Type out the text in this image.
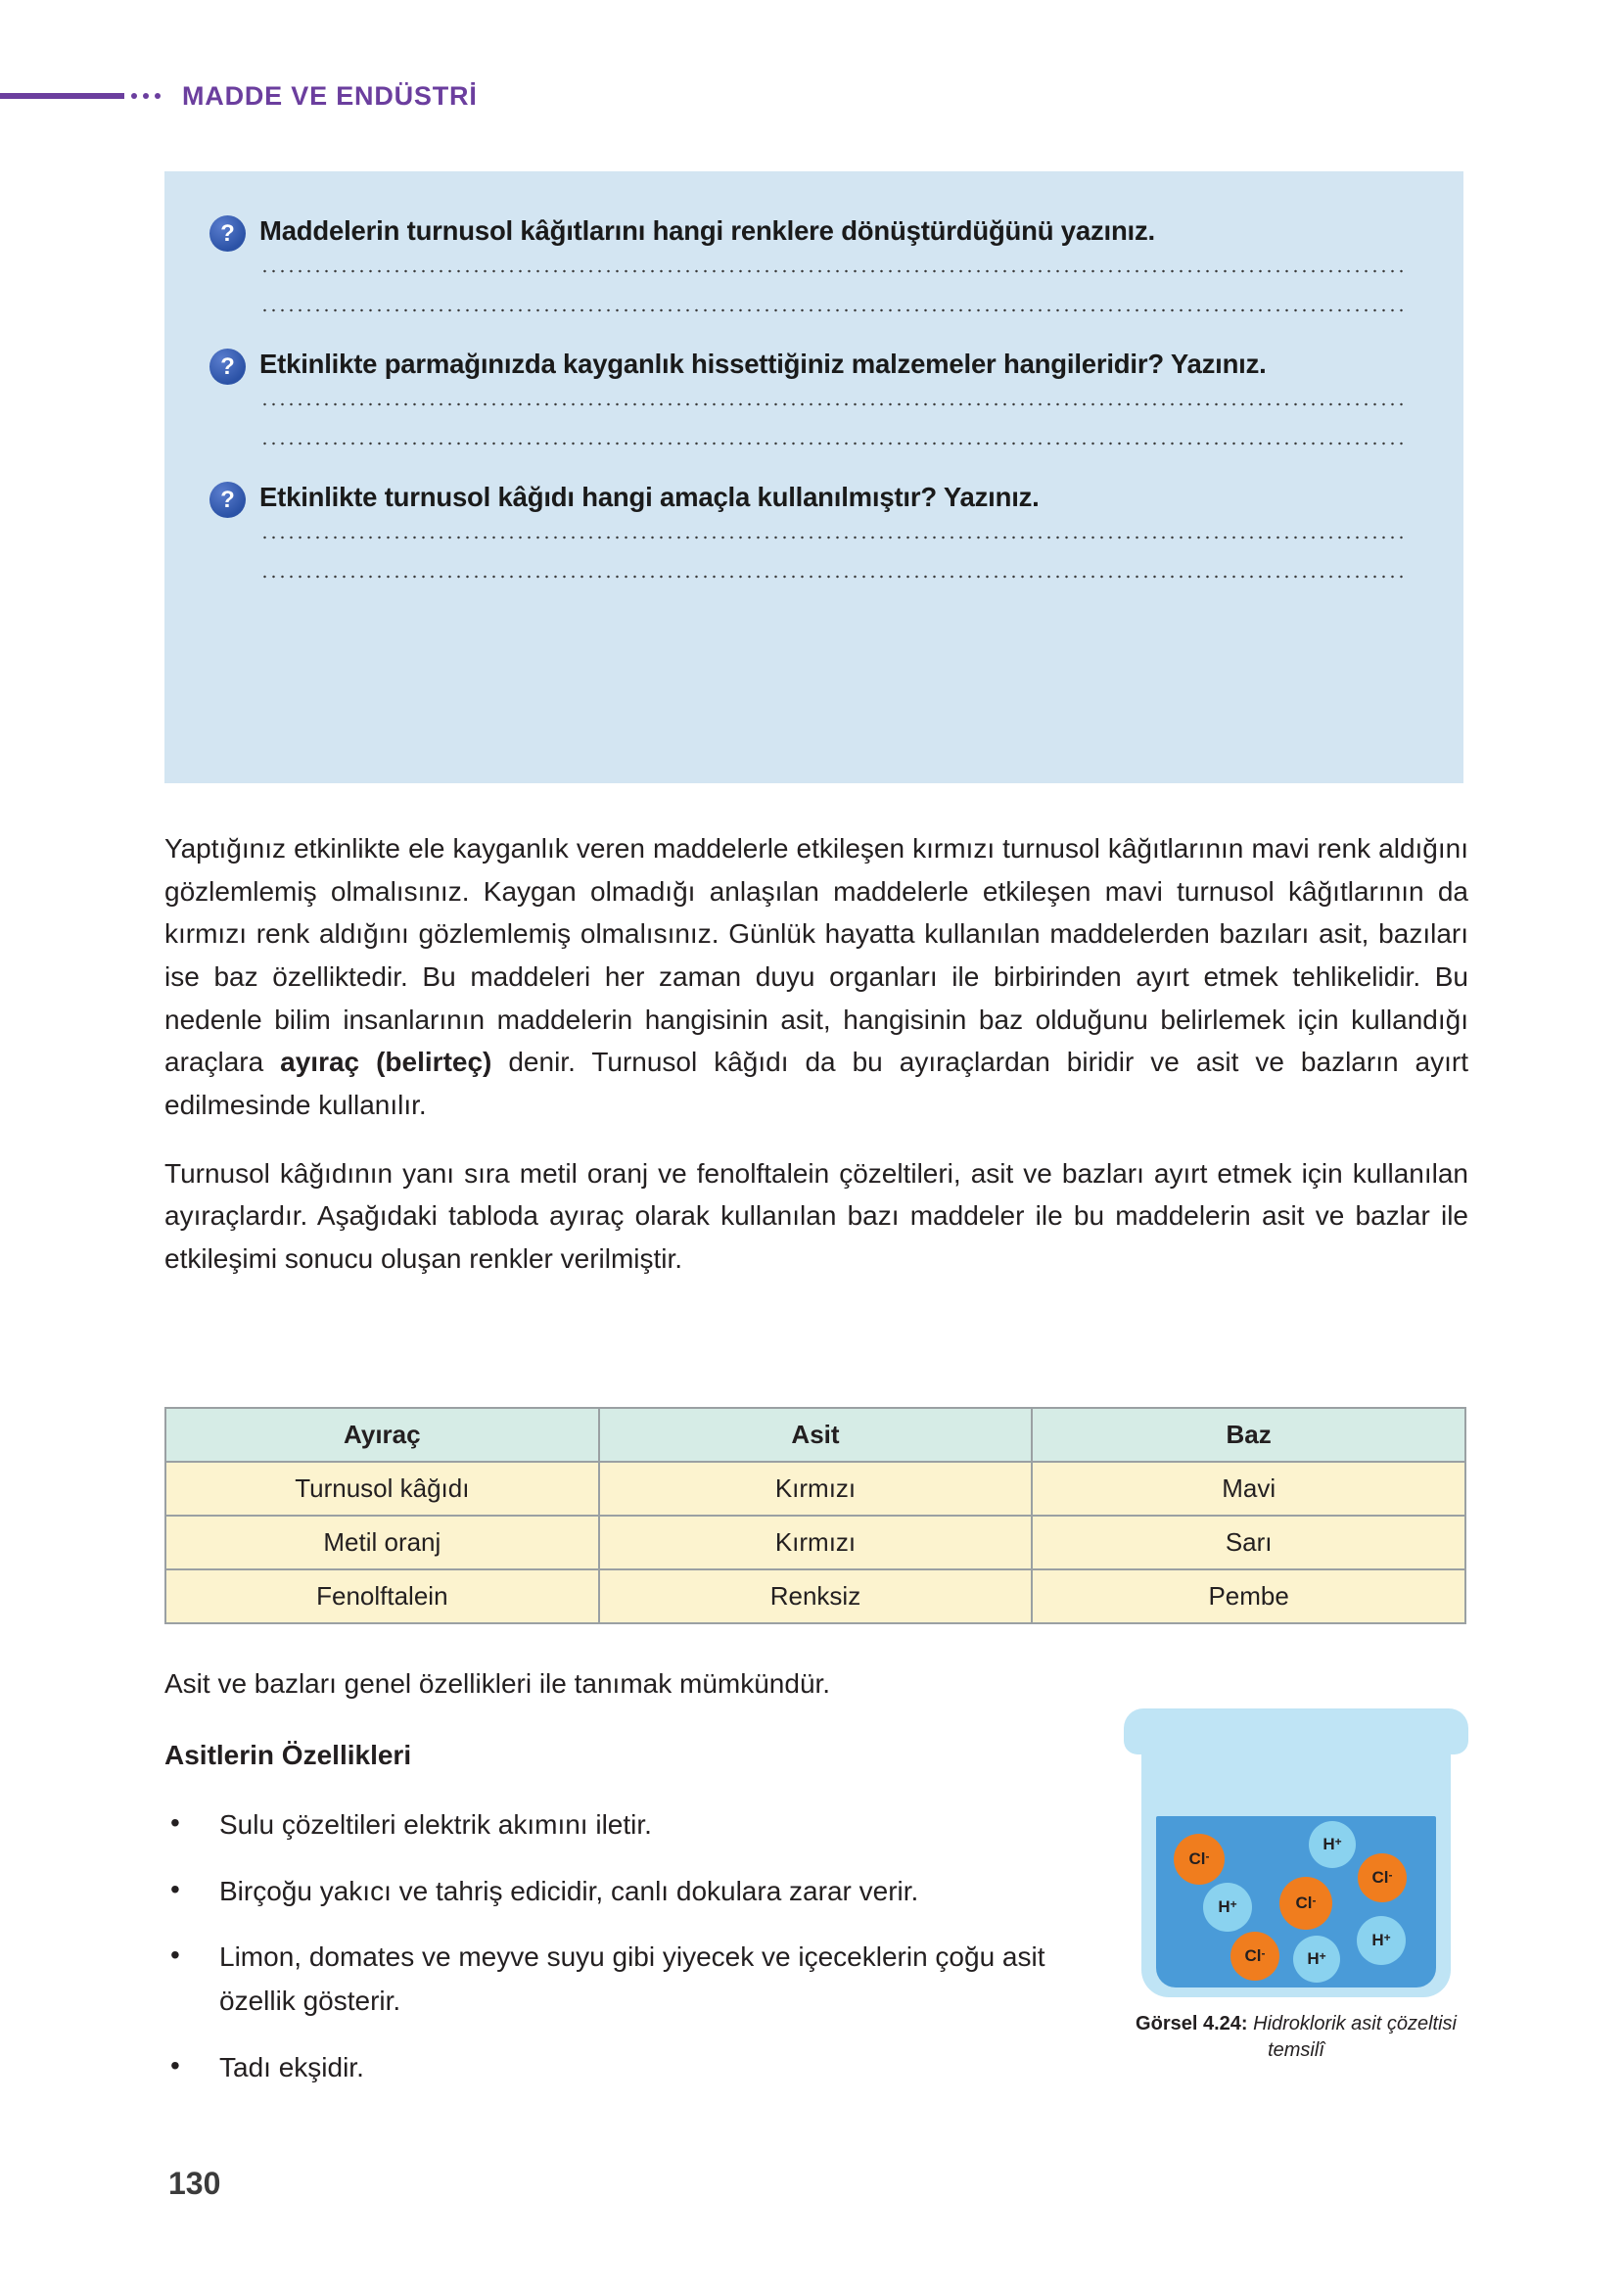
MADDE VE ENDÜSTRİ
? Maddelerin turnusol kâğıtlarını hangi renklere dönüştürdüğünü yazınız.
? Etkinlikte parmağınızda kayganlık hissettiğiniz malzemeler hangileridir? Yazınız.
? Etkinlikte turnusol kâğıdı hangi amaçla kullanılmıştır? Yazınız.

Yaptığınız etkinlikte ele kayganlık veren maddelerle etkileşen kırmızı turnusol kâğıtlarının mavi renk aldığını gözlemlemiş olmalısınız. Kaygan olmadığı anlaşılan maddelerle etkileşen mavi turnusol kâğıtlarının da kırmızı renk aldığını gözlemlemiş olmalısınız. Günlük hayatta kullanılan maddelerden bazıları asit, bazıları ise baz özelliktedir. Bu maddeleri her zaman duyu organları ile birbirinden ayırt etmek tehlikelidir. Bu nedenle bilim insanlarının maddelerin hangisinin asit, hangisinin baz olduğunu belirlemek için kullandığı araçlara ayıraç (belirteç) denir. Turnusol kâğıdı da bu ayıraçlardan biridir ve asit ve bazların ayırt edilmesinde kullanılır.

Turnusol kâğıdının yanı sıra metil oranj ve fenolftalein çözeltileri, asit ve bazları ayırt etmek için kullanılan ayıraçlardır. Aşağıdaki tabloda ayıraç olarak kullanılan bazı maddeler ile bu maddelerin asit ve bazlar ile etkileşimi sonucu oluşan renkler verilmiştir.

Ayıraç	Asit	Baz
Turnusol kâğıdı	Kırmızı	Mavi
Metil oranj	Kırmızı	Sarı
Fenolftalein	Renksiz	Pembe
Asit ve bazları genel özellikleri ile tanımak mümkündür.
Asitlerin Özellikleri
• Sulu çözeltileri elektrik akımını iletir.
• Birçoğu yakıcı ve tahriş edicidir, canlı dokulara zarar verir.
• Limon, domates ve meyve suyu gibi yiyecek ve içeceklerin çoğu asit özellik gösterir.
• Tadı ekşidir.
Cl-
H+
Cl-
H+	Cl-
H+
Cl-	H+
Görsel 4.24: Hidroklorik asit çözeltisi temsilî
130
